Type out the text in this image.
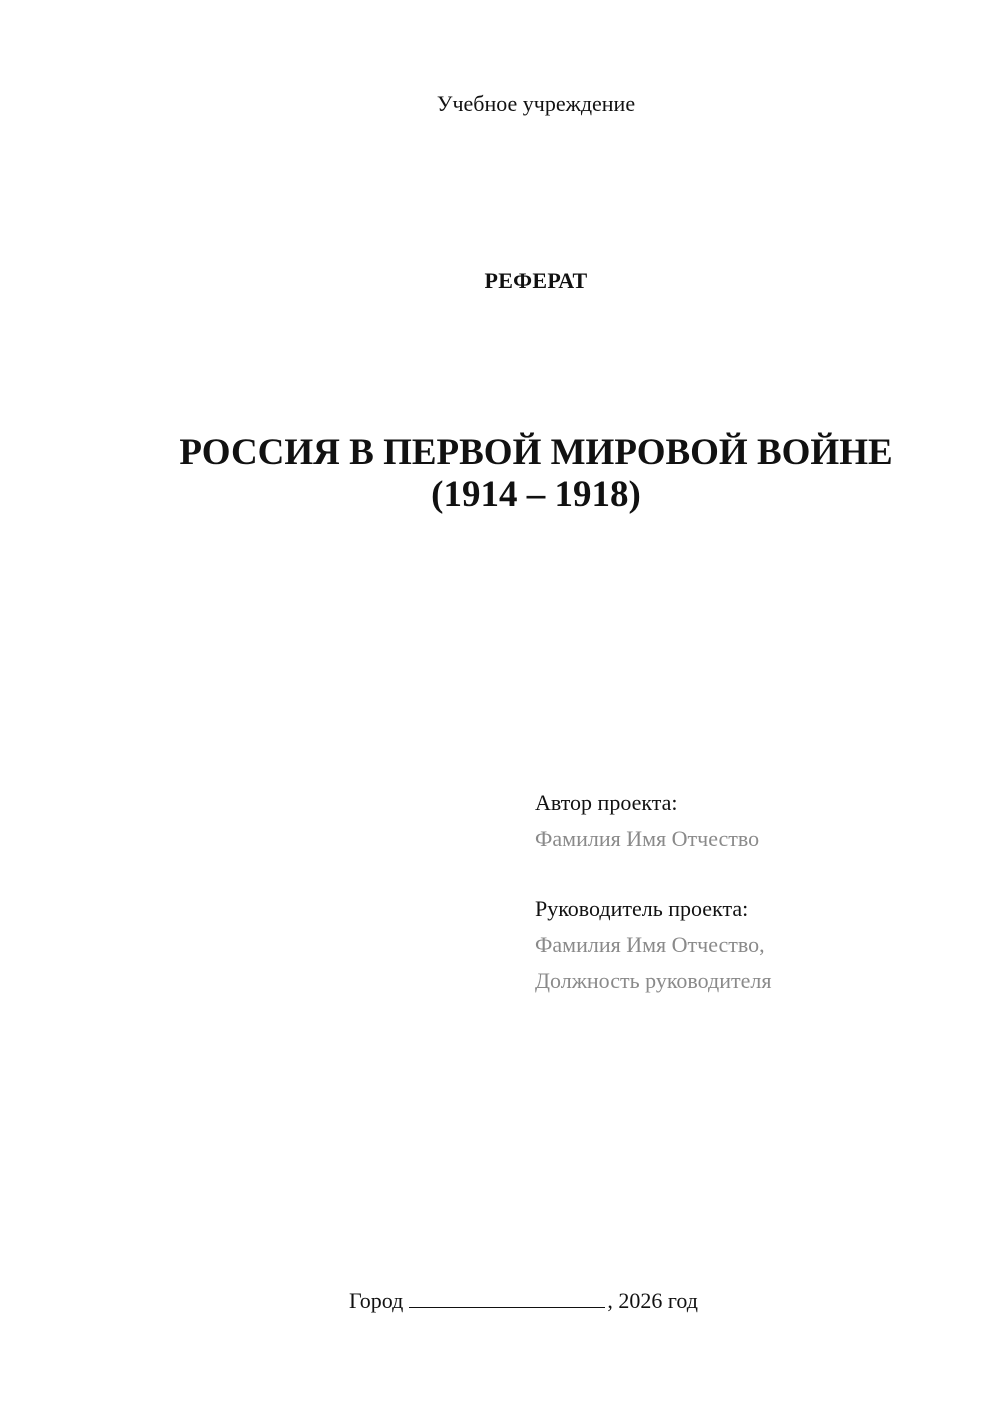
Учебное учреждение
РЕФЕРАТ
РОССИЯ В ПЕРВОЙ МИРОВОЙ ВОЙНЕ
(1914 – 1918)
Автор проекта:
Фамилия Имя Отчество
Руководитель проекта:
Фамилия Имя Отчество,
Должность руководителя
Город	, 2026 год
